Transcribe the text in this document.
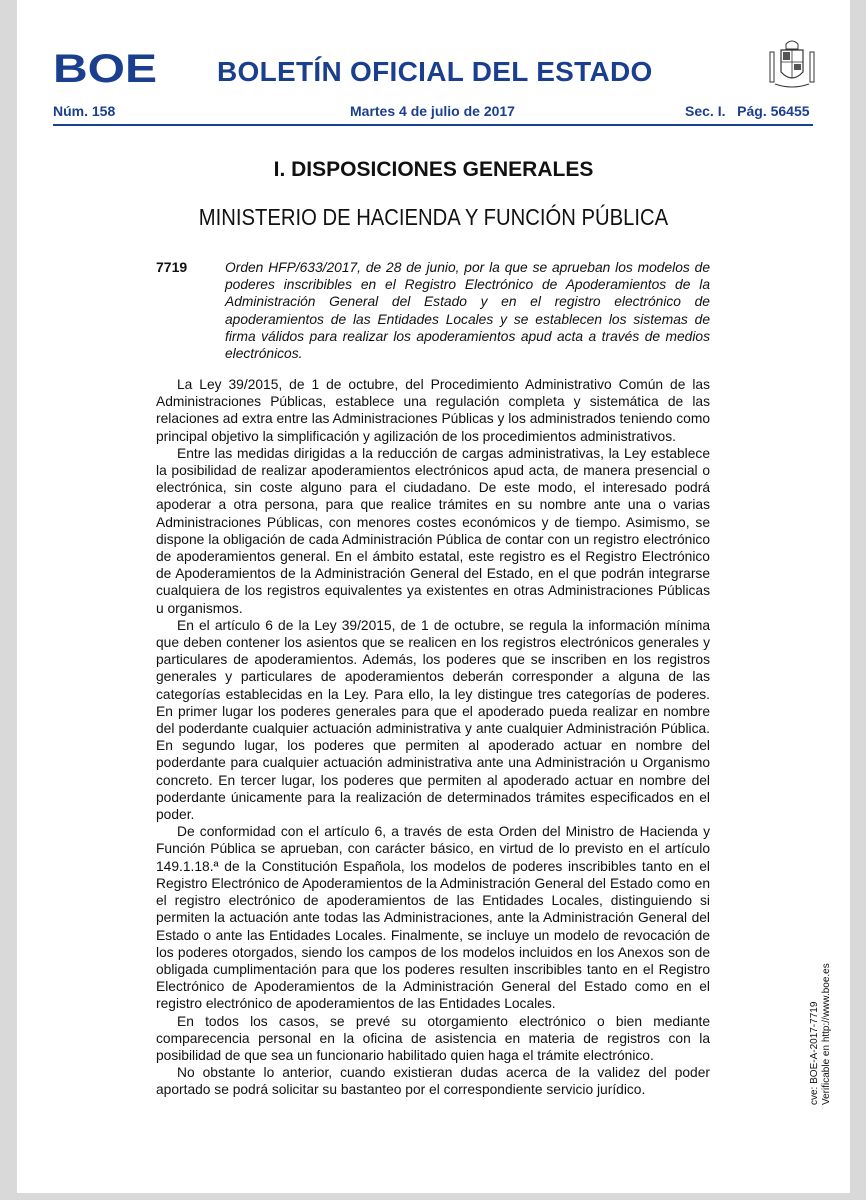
BOE BOLETÍN OFICIAL DEL ESTADO
Núm. 158	Martes 4 de julio de 2017	Sec. I.   Pág. 56455
I. DISPOSICIONES GENERALES
MINISTERIO DE HACIENDA Y FUNCIÓN PÚBLICA
7719	Orden HFP/633/2017, de 28 de junio, por la que se aprueban los modelos de poderes inscribibles en el Registro Electrónico de Apoderamientos de la Administración General del Estado y en el registro electrónico de apoderamientos de las Entidades Locales y se establecen los sistemas de firma válidos para realizar los apoderamientos apud acta a través de medios electrónicos.

La Ley 39/2015, de 1 de octubre, del Procedimiento Administrativo Común de las Administraciones Públicas, establece una regulación completa y sistemática de las relaciones ad extra entre las Administraciones Públicas y los administrados teniendo como principal objetivo la simplificación y agilización de los procedimientos administrativos.

Entre las medidas dirigidas a la reducción de cargas administrativas, la Ley establece la posibilidad de realizar apoderamientos electrónicos apud acta, de manera presencial o electrónica, sin coste alguno para el ciudadano. De este modo, el interesado podrá apoderar a otra persona, para que realice trámites en su nombre ante una o varias Administraciones Públicas, con menores costes económicos y de tiempo. Asimismo, se dispone la obligación de cada Administración Pública de contar con un registro electrónico de apoderamientos general. En el ámbito estatal, este registro es el Registro Electrónico de Apoderamientos de la Administración General del Estado, en el que podrán integrarse cualquiera de los registros equivalentes ya existentes en otras Administraciones Públicas u organismos.

En el artículo 6 de la Ley 39/2015, de 1 de octubre, se regula la información mínima que deben contener los asientos que se realicen en los registros electrónicos generales y particulares de apoderamientos. Además, los poderes que se inscriben en los registros generales y particulares de apoderamientos deberán corresponder a alguna de las categorías establecidas en la Ley. Para ello, la ley distingue tres categorías de poderes. En primer lugar los poderes generales para que el apoderado pueda realizar en nombre del poderdante cualquier actuación administrativa y ante cualquier Administración Pública. En segundo lugar, los poderes que permiten al apoderado actuar en nombre del poderdante para cualquier actuación administrativa ante una Administración u Organismo concreto. En tercer lugar, los poderes que permiten al apoderado actuar en nombre del poderdante únicamente para la realización de determinados trámites especificados en el poder.

De conformidad con el artículo 6, a través de esta Orden del Ministro de Hacienda y Función Pública se aprueban, con carácter básico, en virtud de lo previsto en el artículo 149.1.18.ª de la Constitución Española, los modelos de poderes inscribibles tanto en el Registro Electrónico de Apoderamientos de la Administración General del Estado como en el registro electrónico de apoderamientos de las Entidades Locales, distinguiendo si permiten la actuación ante todas las Administraciones, ante la Administración General del Estado o ante las Entidades Locales. Finalmente, se incluye un modelo de revocación de los poderes otorgados, siendo los campos de los modelos incluidos en los Anexos son de obligada cumplimentación para que los poderes resulten inscribibles tanto en el Registro Electrónico de Apoderamientos de la Administración General del Estado como en el registro electrónico de apoderamientos de las Entidades Locales.

En todos los casos, se prevé su otorgamiento electrónico o bien mediante comparecencia personal en la oficina de asistencia en materia de registros con la posibilidad de que sea un funcionario habilitado quien haga el trámite electrónico.

No obstante lo anterior, cuando existieran dudas acerca de la validez del poder aportado se podrá solicitar su bastanteo por el correspondiente servicio jurídico.	cve: BOE-A-2017-7719 Verificable en http://www.boe.es
